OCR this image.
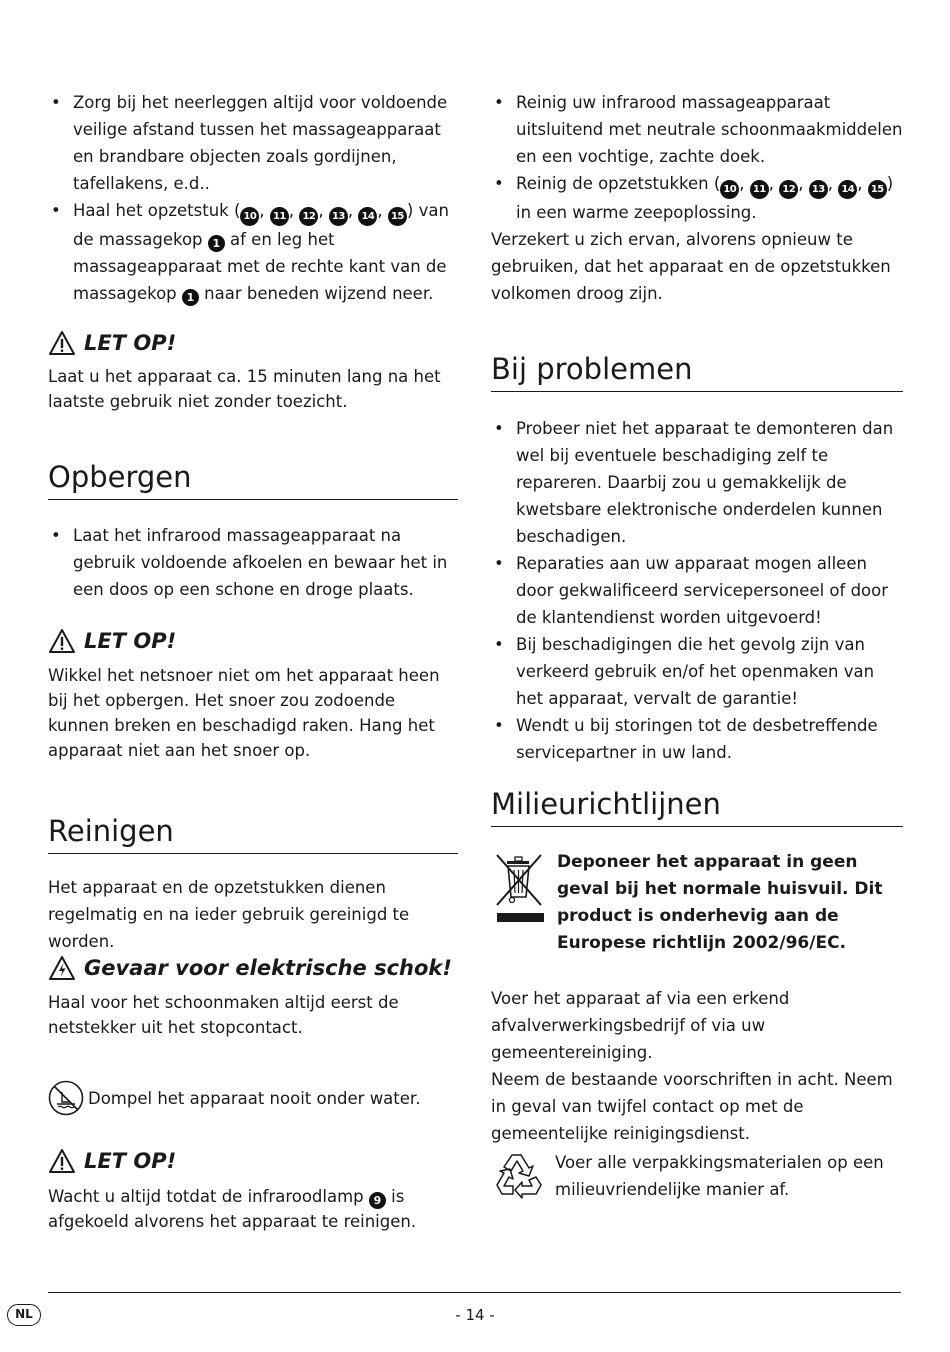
• Zorg bij het neerleggen altijd voor voldoende veilige afstand tussen het massageapparaat en brandbare objecten zoals gordijnen, tafellakens, e.d..
• Haal het opzetstuk ( 10 , 11 , 12 , 13 , 14 , 15 ) van de massagekop 1 af en leg het massageapparaat met de rechte kant van de massagekop 1 naar beneden wijzend neer.
LET OP!

Laat u het apparaat ca. 15 minuten lang na het laatste gebruik niet zonder toezicht.

Opbergen
• Laat het infrarood massageapparaat na gebruik voldoende afkoelen en bewaar het in een doos op een schone en droge plaats.
LET OP!

Wikkel het netsnoer niet om het apparaat heen bij het opbergen. Het snoer zou zodoende kunnen breken en beschadigd raken. Hang het apparaat niet aan het snoer op.

Reinigen

Het apparaat en de opzetstukken dienen regelmatig en na ieder gebruik gereinigd te worden.

Gevaar voor elektrische schok!

Haal voor het schoonmaken altijd eerst de netstekker uit het stopcontact.

Dompel het apparaat nooit onder water.
LET OP!

Wacht u altijd totdat de infraroodlamp 9 is afgekoeld alvorens het apparaat te reinigen.

• Reinig uw infrarood massageapparaat uitsluitend met neutrale schoonmaakmiddelen en een vochtige, zachte doek.
• Reinig de opzetstukken ( 10 , 11 , 12 , 13 , 14 , 15 ) in een warme zeepoplossing.

Verzekert u zich ervan, alvorens opnieuw te gebruiken, dat het apparaat en de opzetstukken volkomen droog zijn.

Bij problemen
• Probeer niet het apparaat te demonteren dan wel bij eventuele beschadiging zelf te repareren. Daarbij zou u gemakkelijk de kwetsbare elektronische onderdelen kunnen beschadigen.
• Reparaties aan uw apparaat mogen alleen door gekwalificeerd servicepersoneel of door de klantendienst worden uitgevoerd!
• Bij beschadigingen die het gevolg zijn van verkeerd gebruik en/of het openmaken van het apparaat, vervalt de garantie!
• Wendt u bij storingen tot de desbetreffende servicepartner in uw land.
Milieurichtlijnen
Deponeer het apparaat in geen geval bij het normale huisvuil. Dit product is onderhevig aan de Europese richtlijn 2002/96/EC.

Voer het apparaat af via een erkend afvalverwerkingsbedrijf of via uw gemeentereiniging.

Neem de bestaande voorschriften in acht. Neem in geval van twijfel contact op met de gemeentelijke reinigingsdienst.

Voer alle verpakkingsmaterialen op een milieuvriendelijke manier af.
NL	- 14 -
